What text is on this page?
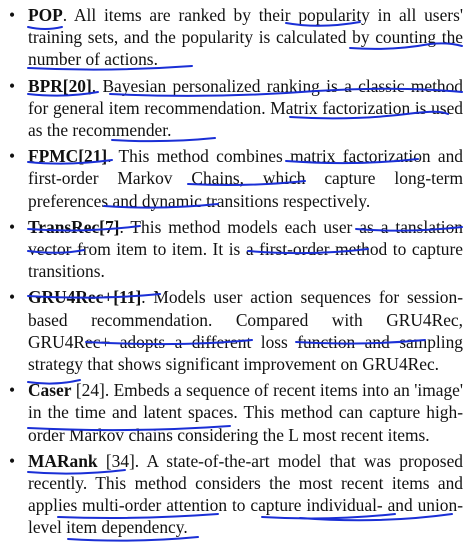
• POP. All items are ranked by their popularity in all users' training sets, and the popularity is calculated by counting the number of actions.
• BPR[20]. Bayesian personalized ranking is a classic method for general item recommendation. Matrix factorization is used as the recommender.
• FPMC[21]. This method combines matrix factorization and first-order Markov Chains, which capture long-term preferences and dynamic transitions respectively.
• TransRec[7]. This method models each user as a tanslation vector from item to item. It is a first-order method to capture transitions.
• GRU4Rec+[11]. Models user action sequences for session-based recommendation. Compared with GRU4Rec, GRU4Rec+ adopts a different loss function and sampling strategy that shows significant improvement on GRU4Rec.
• Caser [24]. Embeds a sequence of recent items into an 'image' in the time and latent spaces. This method can capture high-order Markov chains considering the L most recent items.
• MARank [34]. A state-of-the-art model that was proposed recently. This method considers the most recent items and applies multi-order attention to capture individual- and union-level item dependency.
